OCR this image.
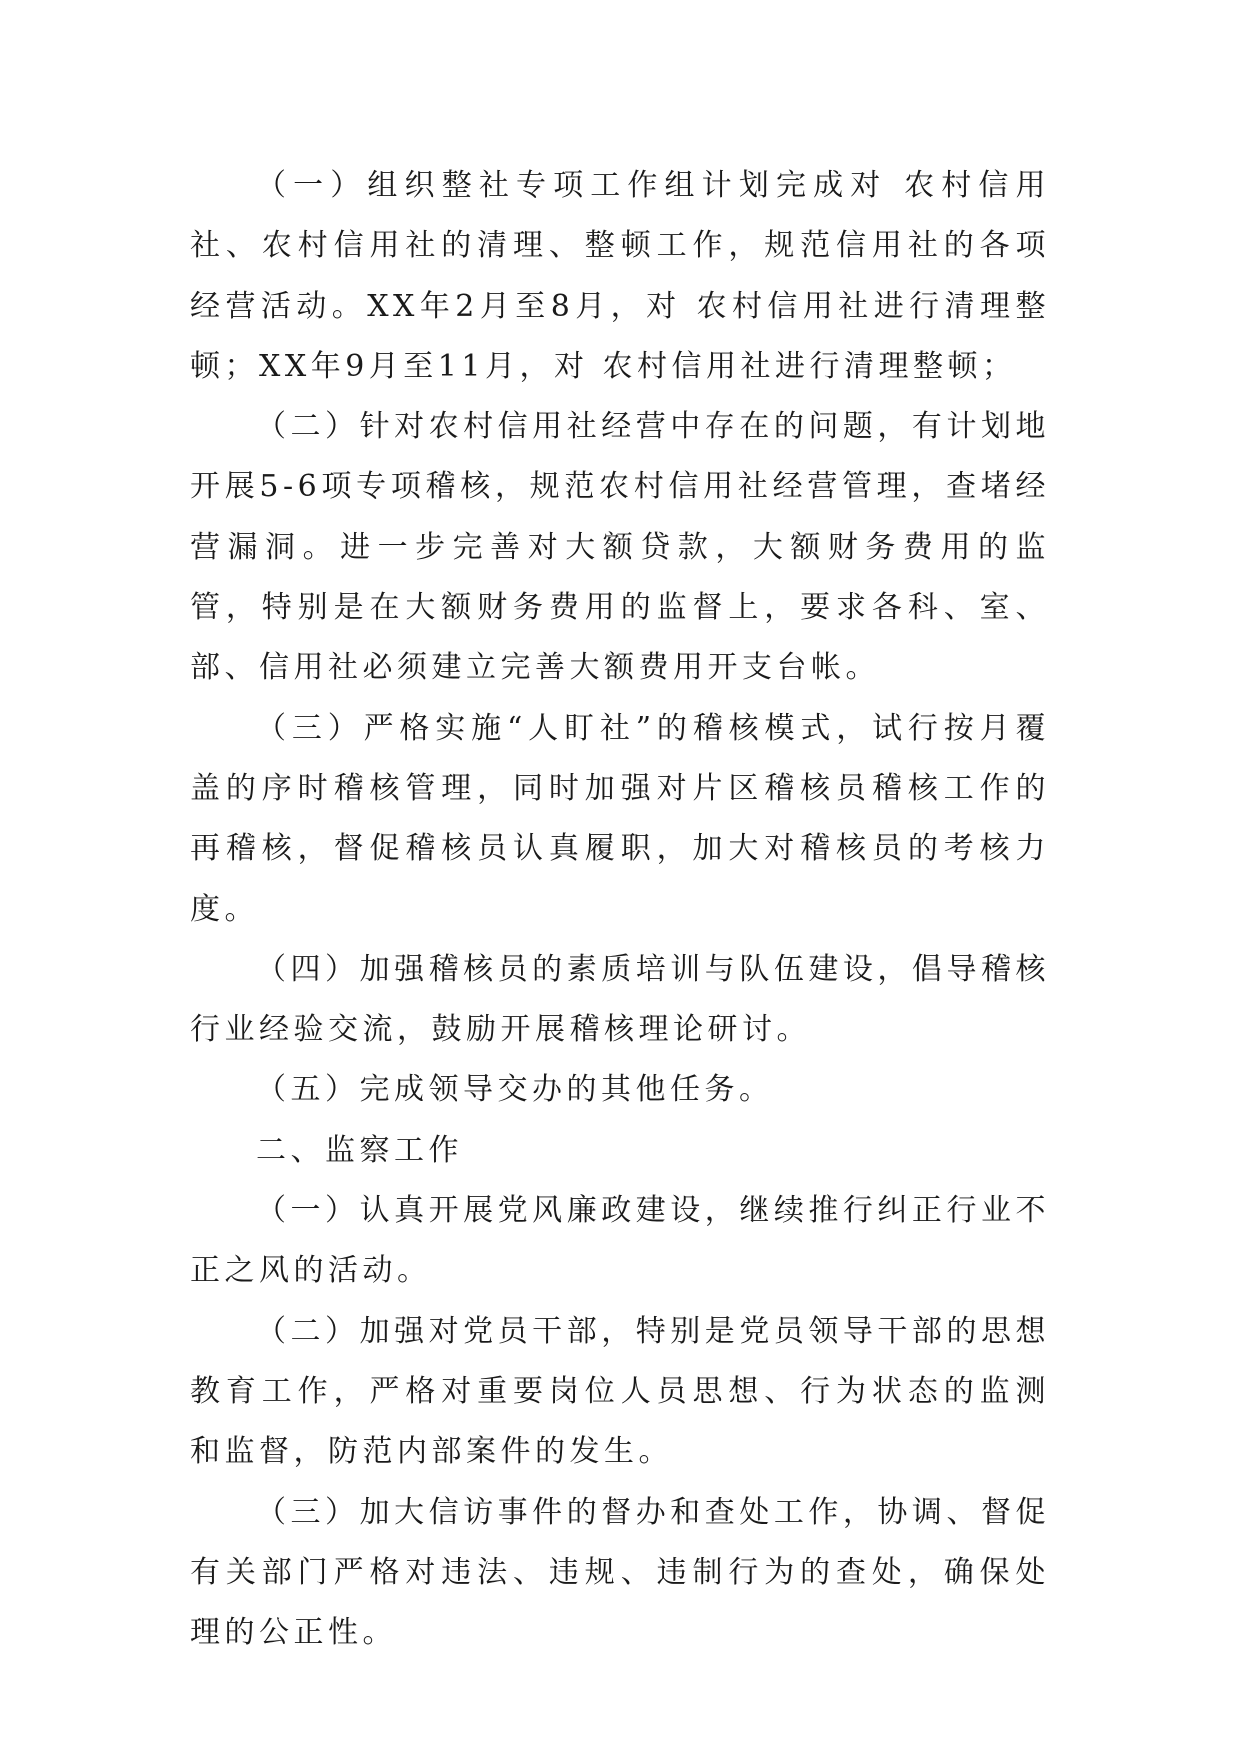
（一）组织整社专项工作组计划完成对 农村信用社、农村信用社的清理、整顿工作，规范信用社的各项经营活动。XX年2月至8月，对 农村信用社进行清理整顿；XX年9月至11月，对 农村信用社进行清理整顿；

（二）针对农村信用社经营中存在的问题，有计划地开展5-6项专项稽核，规范农村信用社经营管理，查堵经营漏洞。进一步完善对大额贷款，大额财务费用的监管，特别是在大额财务费用的监督上，要求各科、室、部、信用社必须建立完善大额费用开支台帐。

（三）严格实施“人盯社”的稽核模式，试行按月覆盖的序时稽核管理，同时加强对片区稽核员稽核工作的再稽核，督促稽核员认真履职，加大对稽核员的考核力度。

（四）加强稽核员的素质培训与队伍建设，倡导稽核行业经验交流，鼓励开展稽核理论研讨。

（五）完成领导交办的其他任务。

二、监察工作

（一）认真开展党风廉政建设，继续推行纠正行业不正之风的活动。

（二）加强对党员干部，特别是党员领导干部的思想教育工作，严格对重要岗位人员思想、行为状态的监测和监督，防范内部案件的发生。

（三）加大信访事件的督办和查处工作，协调、督促有关部门严格对违法、违规、违制行为的查处，确保处理的公正性。
